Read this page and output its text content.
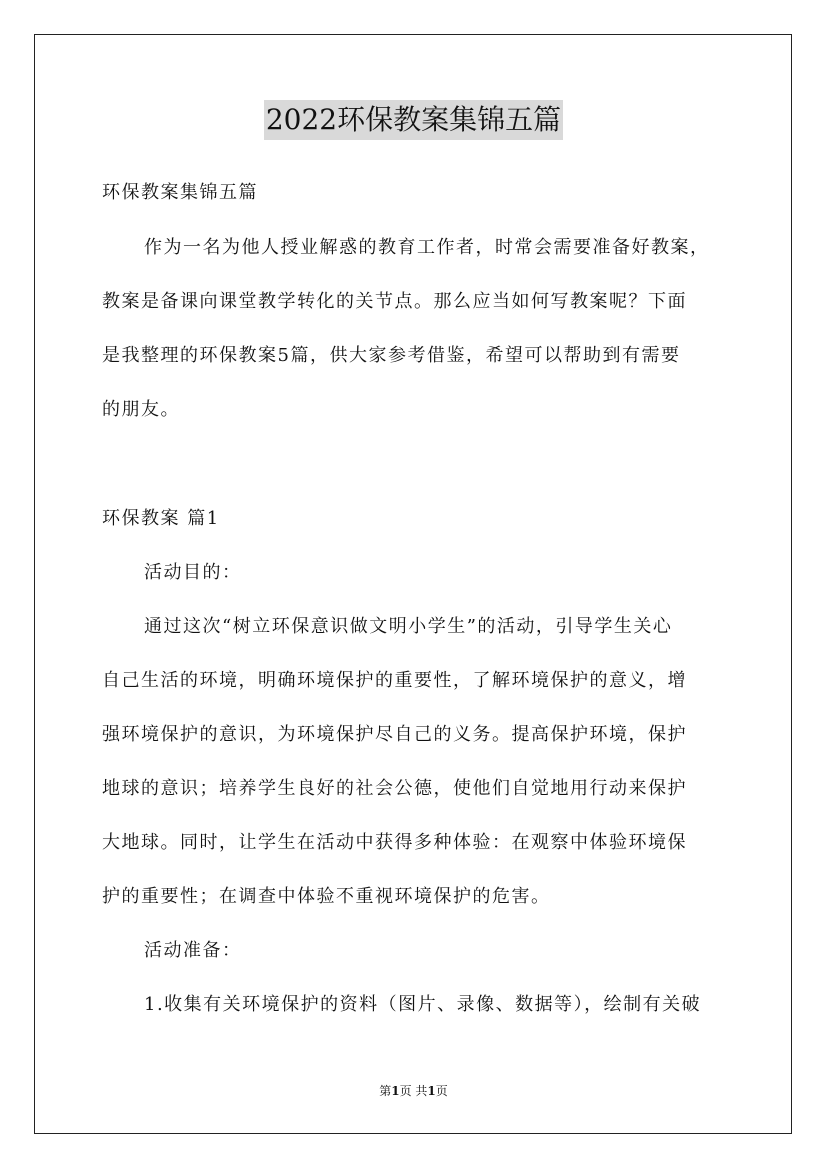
2022环保教案集锦五篇
环保教案集锦五篇
作为一名为他人授业解惑的教育工作者，时常会需要准备好教案，
教案是备课向课堂教学转化的关节点。那么应当如何写教案呢？下面
是我整理的环保教案5篇，供大家参考借鉴，希望可以帮助到有需要
的朋友。
环保教案 篇1
活动目的：
通过这次“树立环保意识做文明小学生”的活动，引导学生关心
自己生活的环境，明确环境保护的重要性，了解环境保护的意义，增
强环境保护的意识，为环境保护尽自己的义务。提高保护环境，保护
地球的意识；培养学生良好的社会公德，使他们自觉地用行动来保护
大地球。同时，让学生在活动中获得多种体验：在观察中体验环境保
护的重要性；在调查中体验不重视环境保护的危害。
活动准备：
1.收集有关环境保护的资料（图片、录像、数据等），绘制有关破
第1页 共1页
